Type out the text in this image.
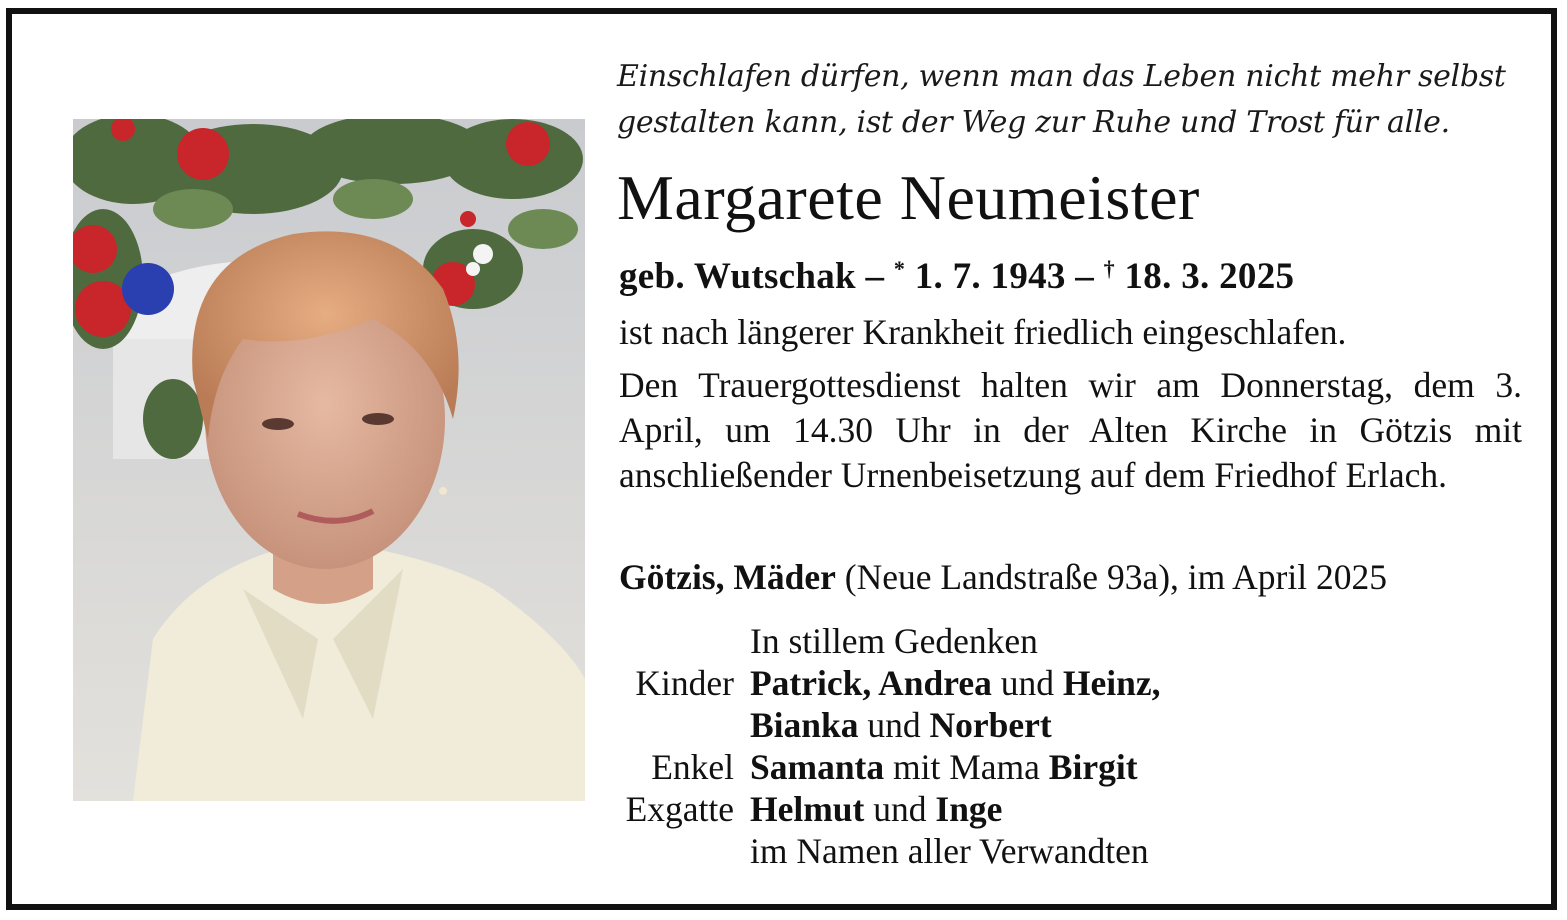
Einschlafen dürfen, wenn man das Leben nicht mehr selbst
gestalten kann, ist der Weg zur Ruhe und Trost für alle.
Margarete Neumeister
geb. Wutschak – * 1. 7. 1943 – † 18. 3. 2025
ist nach längerer Krankheit friedlich eingeschlafen.
Den Trauergottesdienst halten wir am Donnerstag, dem 3. April, um 14.30 Uhr in der Alten Kirche in Götzis mit anschließender Urnenbeisetzung auf dem Friedhof Erlach.
Götzis, Mäder (Neue Landstraße 93a), im April 2025
In stillem Gedenken
Kinder Patrick, Andrea und Heinz,
Bianka und Norbert
Enkel Samanta mit Mama Birgit
Exgatte Helmut und Inge
im Namen aller Verwandten
